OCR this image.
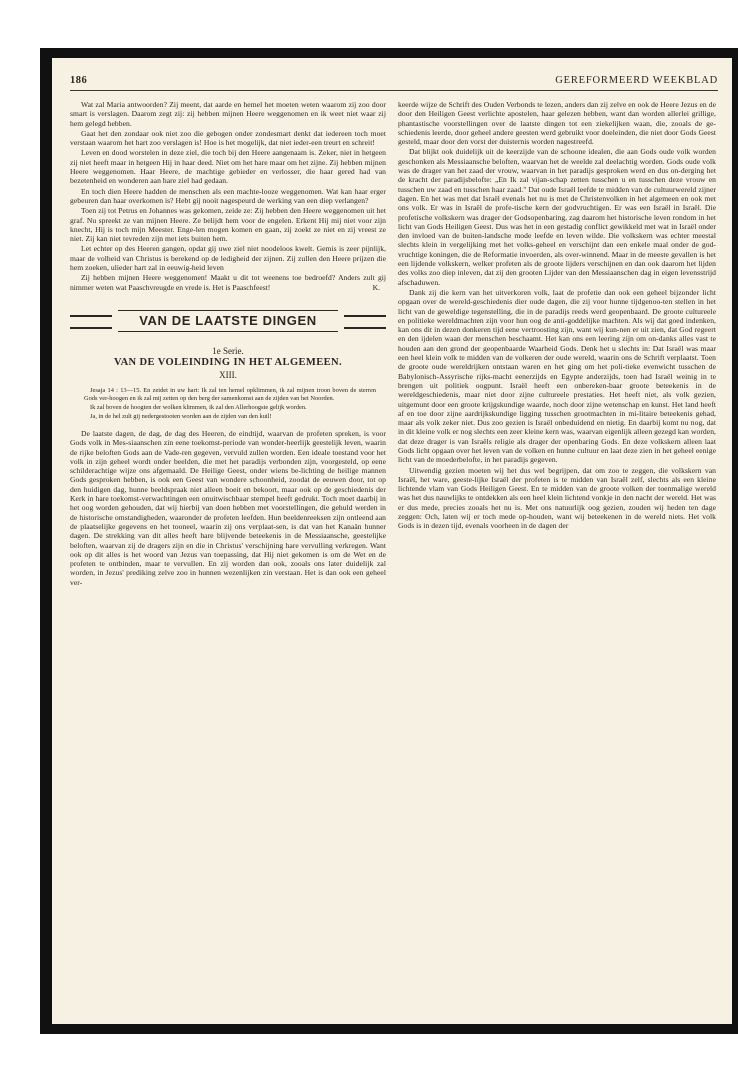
186	GEREFORMEERD WEEKBLAD

Wat zal Maria antwoorden? Zij meent, dat aarde en hemel het moeten weten waarom zij zoo door smart is verslagen. Daarom zegt zij: zij hebben mijnen Heere weggenomen en ik weet niet waar zij hem gelegd hebben.

Gaat het den zondaar ook niet zoo die gebogen onder zondesmart denkt dat iedereen toch moet verstaan waarom het hart zoo verslagen is! Hoe is het mogelijk, dat niet ieder-een treurt en schreit!

Leven en dood worstelen in deze ziel, die toch bij den Heere aangenaam is. Zeker, niet in hetgeen zij niet heeft maar in hetgeen Hij in haar deed. Niet om het hare maar om het zijne. Zij hebben mijnen Heere weggenomen. Haar Heere, de machtige gebieder en verlosser, die haar gered had van bezetenheid en wonderen aan hare ziel had gedaan.

En toch dien Heere hadden de menschen als een machte-looze weggenomen. Wat kan haar erger gebeuren dan haar overkomen is? Hebt gij nooit nagespeurd de werking van een diep verlangen?

Toen zij tot Petrus en Johannes was gekomen, zeide ze: Zij hebben den Heere weggenomen uit het graf. Nu spreekt ze van mijnen Heere. Ze belijdt hem voor de engelen. Erkent Hij mij niet voor zijn knecht, Hij is toch mijn Meester. Enge-len mogen komen en gaan, zij zoekt ze niet en zij vreest ze niet. Zij kan niet tevreden zijn met iets buiten hem.

Let echter op des Heeren gangen, opdat gij uwe ziel niet noodeloos kwelt. Gemis is zeer pijnlijk, maar de volheid van Christus is berekend op de ledigheid der zijnen. Zij zullen den Heere prijzen die hem zoeken, ulieder hart zal in eeuwig-heid leven

Zij hebben mijnen Heere weggenomen! Maakt u dit tot weenens toe bedroefd? Anders zult gij nimmer weten wat Paaschvreugde en vrede is. Het is Paaschfeest!	K.

VAN DE LAATSTE DINGEN
1e Serie.
VAN DE VOLEINDING IN HET ALGEMEEN.
XIII.

Jesaja 14 : 13—15. En zeidet in uw hart: Ik zal ten hemel opklimmen, ik zal mijnen troon boven de sterren Gods ver-hoogen en ik zal mij zetten op den berg der samenkomst aan de zijden van het Noorden.

Ik zal boven de hoogten der wolken klimmen, ik zal den Allerhoogste gelijk worden.

Ja, in de hel zult gij nedergestooten worden aan de zijden van den kuil!

De laatste dagen, de dag, de dag des Heeren, de eindtijd, waarvan de profeten spreken, is voor Gods volk in Mes-siaanschen zin eene toekomst-periode van wonder-heerlijk geestelijk leven, waarin de rijke beloften Gods aan de Vade-ren gegeven, vervuld zullen worden. Een ideale toestand voor het volk in zijn geheel wordt onder beelden, die met het paradijs verbonden zijn, voorgesteld, op eene schilderachtige wijze ons afgemaald. De Heilige Geest, onder wiens be-lichting de heilige mannen Gods gesproken hebben, is ook een Geest van wondere schoonheid, zoodat de eeuwen door, tot op den huidigen dag, hunne beeldspraak niet alleen boeit en bekoort, maar ook op de geschiedenis der Kerk in hare toekomst-verwachtingen een onuitwischbaar stempel heeft gedrukt. Toch moet daarbij in het oog worden gehouden, dat wij hierbij van doen hebben met voorstellingen, die gehuld werden in de historische omstandigheden, waaronder de profeten leefden. Hun beeldenreeksen zijn ontleend aan de plaatselijke gegevens en het tooneel, waarin zij ons verplaat-sen, is dat van het Kanaän hunner dagen. De strekking van dit alles heeft hare blijvende beteekenis in de Messiaansche, geestelijke beloften, waarvan zij de dragers zijn en die in Christus' verschijning hare vervulling verkregen. Want ook op dit alles is het woord van Jezus van toepassing, dat Hij niet gekomen is om de Wet en de profeten te ontbinden, maar te vervullen. En zij worden dan ook, zooals ons later duidelijk zal worden, in Jezus' prediking zelve zoo in hunnen wezenlijken zin verstaan. Het is dan ook een geheel ver-

keerde wijze de Schrift des Ouden Verbonds te lezen, anders dan zij zelve en ook de Heere Jezus en de door den Heiligen Geest verlichte apostelen, haar gelezen hebben, want dan worden allerlei grillige, phantastische voorstellingen over de laatste dingen tot een ziekelijken waan, die, zooals de ge-schiedenis leerde, door geheel andere geesten werd gebruikt voor doeleinden, die niet door Gods Geest gesteld, maar door den vorst der duisternis worden nagestreefd.

Dat blijkt ook duidelijk uit de keerzijde van de schoone idealen, die aan Gods oude volk worden geschonken als Messiaansche beloften, waarvan het de weelde zal deelachtig worden. Gods oude volk was de drager van het zaad der vrouw, waarvan in het paradijs gesproken werd en dus on-derging het de kracht der paradijsbelofte: „En Ik zal vijan-schap zetten tusschen u en tusschen deze vrouw en tusschen uw zaad en tusschen haar zaad." Dat oude Israël leefde te midden van de cultuurwereld zijner dagen. En het was met dat Israël evenals het nu is met de Christenvolken in het algemeen en ook met ons volk. Er was in Israël de profe-tische kern der godvruchtigen. Er was een Israël in Israël. Die profetische volkskern was drager der Godsopenbaring, zag daarom het historische leven rondom in het licht van Gods Heiligen Geest. Dus was het in een gestadig conflict gewikkeld met wat in Israël onder den invloed van de buiten-landsche mode leefde en leven wilde. Die volkskern was echter meestal slechts klein in vergelijking met het volks-geheel en verschijnt dan een enkele maal onder de god-vruchtige koningen, die de Reformatie invoerden, als over-winnend. Maar in de meeste gevallen is het een lijdende volkskern, welker profeten als de groote lijders verschijnen en dan ook daarom het lijden des volks zoo diep inleven, dat zij den grooten Lijder van den Messiaanschen dag in eigen levensstrijd afschaduwen.

Dank zij die kern van het uitverkoren volk, laat de profetie dan ook een geheel bijzonder licht opgaan over de wereld-geschiedenis dier oude dagen, die zij voor hunne tijdgenoo-ten stellen in het licht van de geweldige tegenstelling, die in de paradijs reeds werd geopenbaard. De groote cultureele en politieke wereldmachten zijn voor hun oog de anti-goddelijke machten. Als wij dat goed indenken, kan ons dit in dezen donkeren tijd eene vertroosting zijn, want wij kun-nen er uit zien, dat God regeert en den ijdelen waan der menschen beschaamt. Het kan ons een leering zijn om on-danks alles vast te houden aan den grond der geopenbaarde Waarheid Gods. Denk het u slechts in: Dat Israël was maar een heel klein volk te midden van de volkeren der oude wereld, waarin ons de Schrift verplaatst. Toen de groote oude wereldrijken ontstaan waren en het ging om het poli-tieke evenwicht tusschen de Babylonisch-Assyrische rijks-macht eenerzijds en Egypte anderzijds, toen had Israël weinig in te brengen uit politiek oogpunt. Israël heeft een onbereken-baar groote beteekenis in de wereldgeschiedenis, maar niet door zijne cultureele prestaties. Het heeft niet, als volk gezien, uitgemunt door een groote krijgskundige waarde, noch door zijne wetenschap en kunst. Het land heeft af en toe door zijne aardrijkskundige ligging tusschen grootmachten in mi-litaire beteekenis gehad, maar als volk zeker niet. Dus zoo gezien is Israël onbeduidend en nietig. En daarbij komt nu nog, dat in dit kleine volk er nog slechts een zeer kleine kern was, waarvan eigenlijk alleen gezegd kan worden, dat deze drager is van Israëls religie als drager der openbaring Gods. En deze volkskern alleen laat Gods licht opgaan over het leven van de volken en hunne cultuur en laat deze zien in het geheel eenige licht van de moederbelofte, in het paradijs gegeven.

Uitwendig gezien moeten wij het dus wel begrijpen, dat om zoo te zeggen, die volkskern van Israël, het ware, geeste-lijke Israël der profeten is te midden van Israël zelf, slechts als een kleine lichtende vlam van Gods Heiligen Geest. En te midden van de groote volken der toenmalige wereld was het dus nauwlijks te ontdekken als een heel klein lichtend vonkje in den nacht der wereld. Het was er dus mede, precies zooals het nu is. Met ons natuurlijk oog gezien, zouden wij heden ten dage zeggen: Och, laten wij er toch mede op-houden, want wij beteekenen in de wereld niets. Het volk Gods is in dezen tijd, evenals voorheen in de dagen der
